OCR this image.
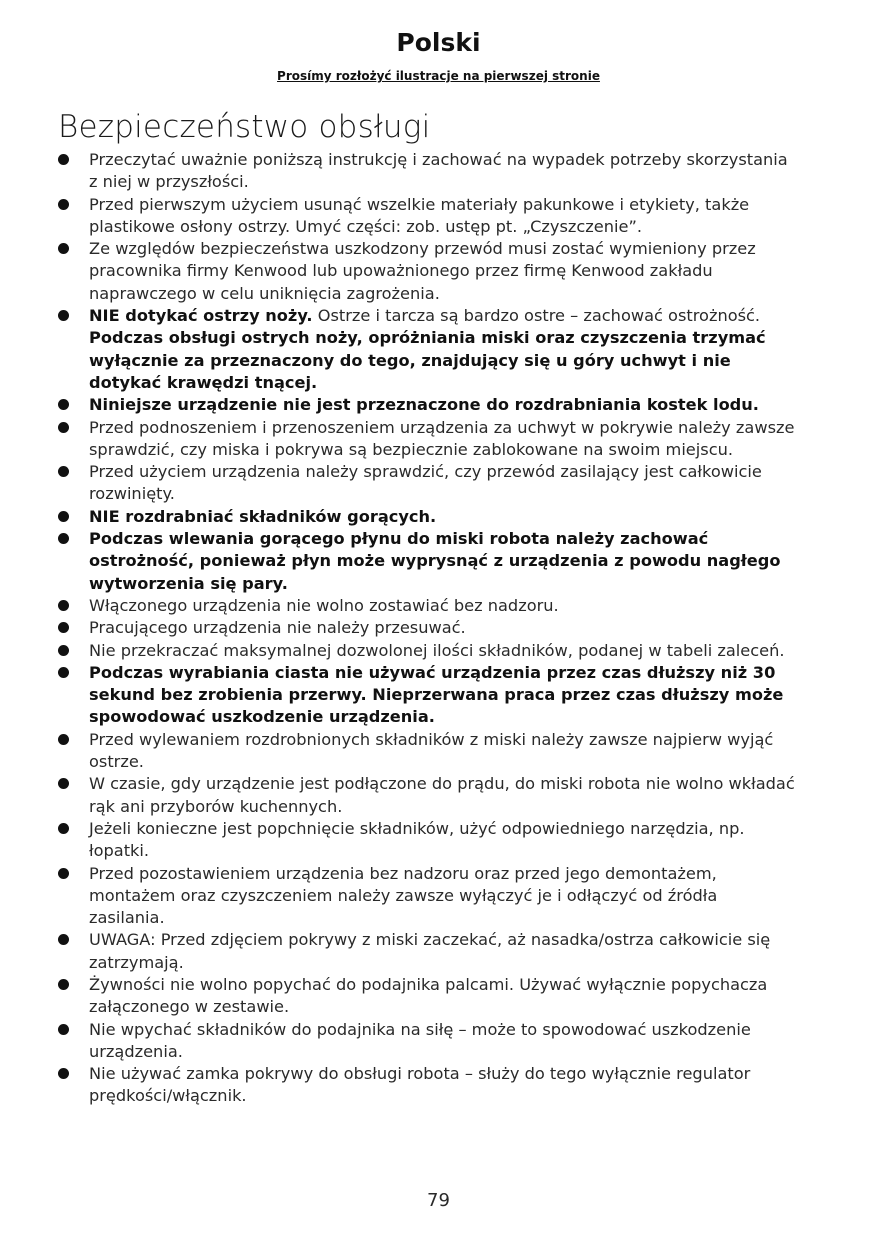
Polski
Prosímy rozłożyć ilustracje na pierwszej stronie
Bezpieczeństwo obsługi
Przeczytać uważnie poniższą instrukcję i zachować na wypadek potrzeby skorzystania z niej w przyszłości.
Przed pierwszym użyciem usunąć wszelkie materiały pakunkowe i etykiety, także plastikowe osłony ostrzy. Umyć części: zob. ustęp pt. „Czyszczenie”.
Ze względów bezpieczeństwa uszkodzony przewód musi zostać wymieniony przez pracownika firmy Kenwood lub upoważnionego przez firmę Kenwood zakładu naprawczego w celu uniknięcia zagrożenia.
NIE dotykać ostrzy noży. Ostrze i tarcza są bardzo ostre – zachować ostrożność. Podczas obsługi ostrych noży, opróżniania miski oraz czyszczenia trzymać wyłącznie za przeznaczony do tego, znajdujący się u góry uchwyt i nie dotykać krawędzi tnącej.
Niniejsze urządzenie nie jest przeznaczone do rozdrabniania kostek lodu.
Przed podnoszeniem i przenoszeniem urządzenia za uchwyt w pokrywie należy zawsze sprawdzić, czy miska i pokrywa są bezpiecznie zablokowane na swoim miejscu.
Przed użyciem urządzenia należy sprawdzić, czy przewód zasilający jest całkowicie rozwinięty.
NIE rozdrabniać składników gorących.
Podczas wlewania gorącego płynu do miski robota należy zachować ostrożność, ponieważ płyn może wyprysnąć z urządzenia z powodu nagłego wytworzenia się pary.
Włączonego urządzenia nie wolno zostawiać bez nadzoru.
Pracującego urządzenia nie należy przesuwać.
Nie przekraczać maksymalnej dozwolonej ilości składników, podanej w tabeli zaleceń.
Podczas wyrabiania ciasta nie używać urządzenia przez czas dłuższy niż 30 sekund bez zrobienia przerwy. Nieprzerwana praca przez czas dłuższy może spowodować uszkodzenie urządzenia.
Przed wylewaniem rozdrobnionych składników z miski należy zawsze najpierw wyjąć ostrze.
W czasie, gdy urządzenie jest podłączone do prądu, do miski robota nie wolno wkładać rąk ani przyborów kuchennych.
Jeżeli konieczne jest popchnięcie składników, użyć odpowiedniego narzędzia, np. łopatki.
Przed pozostawieniem urządzenia bez nadzoru oraz przed jego demontażem, montażem oraz czyszczeniem należy zawsze wyłączyć je i odłączyć od źródła zasilania.
UWAGA: Przed zdjęciem pokrywy z miski zaczekać, aż nasadka/ostrza całkowicie się zatrzymają.
Żywności nie wolno popychać do podajnika palcami. Używać wyłącznie popychacza załączonego w zestawie.
Nie wpychać składników do podajnika na siłę – może to spowodować uszkodzenie urządzenia.
Nie używać zamka pokrywy do obsługi robota – służy do tego wyłącznie regulator prędkości/włącznik.
79
